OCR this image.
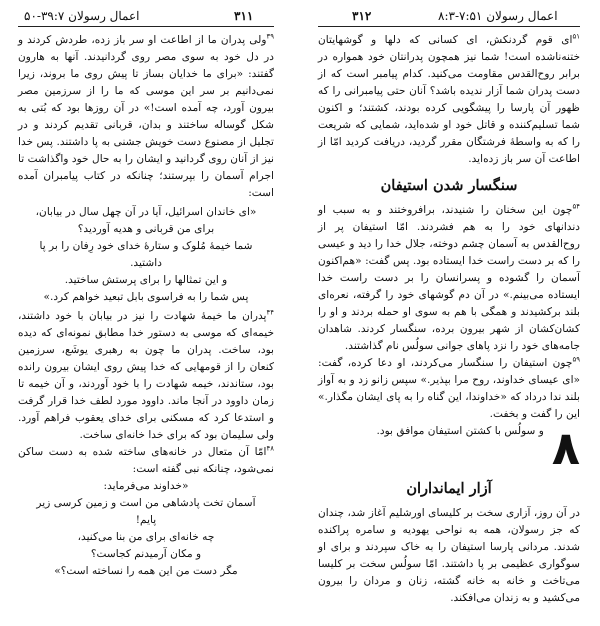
اعمال رسولان ۳۹:۷-۵۰	۳۱۱	۳۱۲	اعمال رسولان ۷:۵۱-۸:۳

$^{۳۹}$ولی پدران ما از اطاعت او سر باز زده، طردش کردند و در دل خود به سوی مصر روی گردانیدند. آنها به هارون گفتند: «برای ما خدایان بساز تا پیش روی ما بروند، زیرا نمی‌دانیم بر سر این موسی که ما را از سرزمین مصر بیرون آورد، چه آمده است!» در آن روزها بود که بُتی به شکل گوساله ساختند و بدان، قربانی تقدیم کردند و در تجلیل از مصنوع دست خویش جشنی به پا داشتند. پس خدا نیز از آنان روی گردانید و ایشان را به حال خود واگذاشت تا اجرام آسمان را بپرستند؛ چنانکه در کتاب پیامبران آمده است:

«ای خاندان اسرائیل، آیا در آن چهل سال در بیابان،
برای من قربانی و هدیه آوردید؟
شما خیمهٔ مُلوک و ستارهٔ خدای خود رِفان را بر پا
داشتید.
و این تمثالها را برای پرستش ساختید.
پس شما را به فراسوی بابل تبعید خواهم کرد.»

$^{۴۴}$پدران ما خیمهٔ شهادت را نیز در بیابان با خود داشتند، خیمه‌ای که موسی به دستور خدا مطابق نمونه‌ای که دیده بود، ساخت. پدران ما چون به رهبری یوشَع، سرزمین کنعان را از قومهایی که خدا پیش روی ایشان بیرون رانده بود، ستاندند، خیمه شهادت را با خود آوردند، و آن خیمه تا زمان داوود در آنجا ماند. داوود مورد لطف خدا قرار گرفت و استدعا کرد که مسکنی برای خدای یعقوب فراهم آورد. ولی سلیمان بود که برای خدا خانه‌ای ساخت.

$^{۴۸}$امّا آن متعال در خانه‌های ساخته شده به دست ساکن نمی‌شود، چنانکه نبی گفته است:

«خداوند می‌فرماید:
آسمان تخت پادشاهی من است و زمین کرسی زیر
پایم!
چه خانه‌ای برای من بنا می‌کنید،
و مکان آرمیدنم کجاست؟
مگر دست من این همه را نساخته است؟»

$^{۵۱}$ای قوم گردنکش، ای کسانی که دلها و گوشهایتان ختنه‌ناشده است! شما نیز همچون پدرانتان خود همواره در برابر روح‌القدس مقاومت می‌کنید. کدام پیامبر است که از دست پدران شما آزار ندیده باشد؟ آنان حتی پیامبرانی را که ظهور آن پارسا را پیشگویی کرده بودند، کشتند؛ و اکنون شما تسلیم‌کننده و قاتل خود او شده‌اید، شمایی که شریعت را که به واسطهٔ فرشتگان مقرر گردید، دریافت کردید امّا از اطاعت آن سر باز زده‌اید.

سنگسار شدن استیفان

$^{۵۴}$چون این سخنان را شنیدند، برافروختند و به سبب او دندانهای خود را به هم فشردند. امّا استیفان پر از روح‌القدس به آسمان چشم دوخته، جلال خدا را دید و عیسی را که بر دست راست خدا ایستاده بود. پس گفت: «هم‌اکنون آسمان را گشوده و پسرانسان را بر دست راست خدا ایستاده می‌بینم.» در آن دم گوشهای خود را گرفته، نعره‌ای بلند برکشیدند و همگی با هم به سوی او حمله بردند و او را کشان‌کشان از شهر بیرون برده، سنگسار کردند. شاهدان جامه‌های خود را نزد پاهای جوانی سولُس نام گذاشتند.

$^{۵۹}$چون استیفان را سنگسار می‌کردند، او دعا کرده، گفت: «ای عیسای خداوند، روح مرا بپذیر.» سپس زانو زد و به آواز بلند ندا درداد که «خداوندا، این گناه را به پای ایشان مگذار.» این را گفت و بخفت.

۸
و سولُس با کشتن استیفان موافق بود.

آزار ایمانداران

در آن روز، آزاری سخت بر کلیسای اورشلیم آغاز شد، چندان که جز رسولان، همه به نواحی یهودیه و سامره پراکنده شدند. مردانی پارسا استیفان را به خاک سپردند و برای او سوگواری عظیمی بر پا داشتند. امّا سولُس سخت بر کلیسا می‌تاخت و خانه به خانه گشته، زنان و مردان را بیرون می‌کشید و به زندان می‌افکند.
